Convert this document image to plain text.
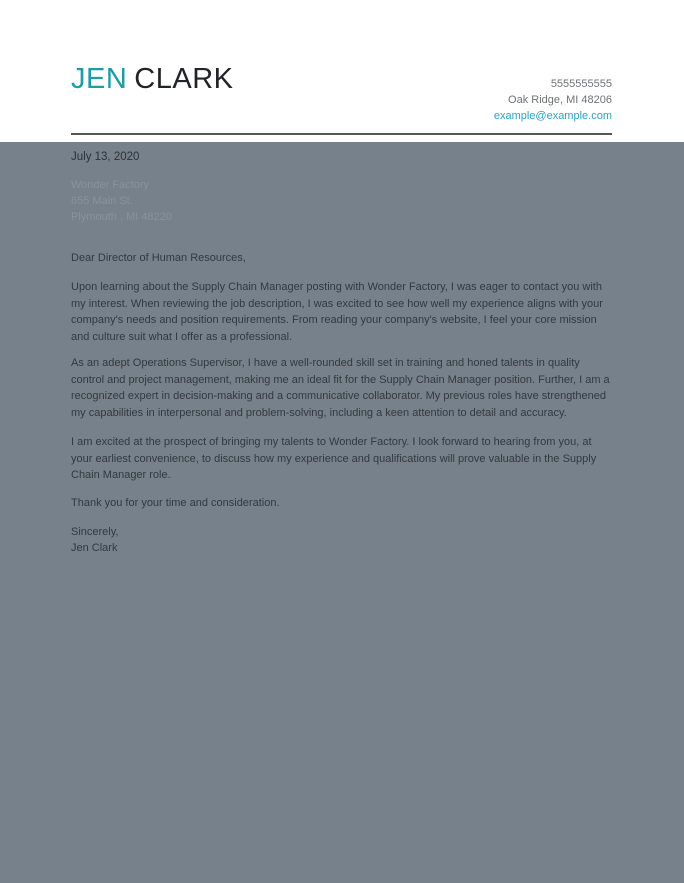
JEN CLARK	5555555555
Oak Ridge, MI 48206
example@example.com
July 13, 2020
Wonder Factory
655 Main St.
Plymouth , MI 48220
Dear Director of Human Resources,

Upon learning about the Supply Chain Manager posting with Wonder Factory, I was eager to contact you with my interest. When reviewing the job description, I was excited to see how well my experience aligns with your company's needs and position requirements. From reading your company's website, I feel your core mission and culture suit what I offer as a professional.

As an adept Operations Supervisor, I have a well-rounded skill set in training and honed talents in quality control and project management, making me an ideal fit for the Supply Chain Manager position. Further, I am a recognized expert in decision-making and a communicative collaborator. My previous roles have strengthened my capabilities in interpersonal and problem-solving, including a keen attention to detail and accuracy.

I am excited at the prospect of bringing my talents to Wonder Factory. I look forward to hearing from you, at your earliest convenience, to discuss how my experience and qualifications will prove valuable in the Supply Chain Manager role.

Thank you for your time and consideration.
Sincerely,
Jen Clark
